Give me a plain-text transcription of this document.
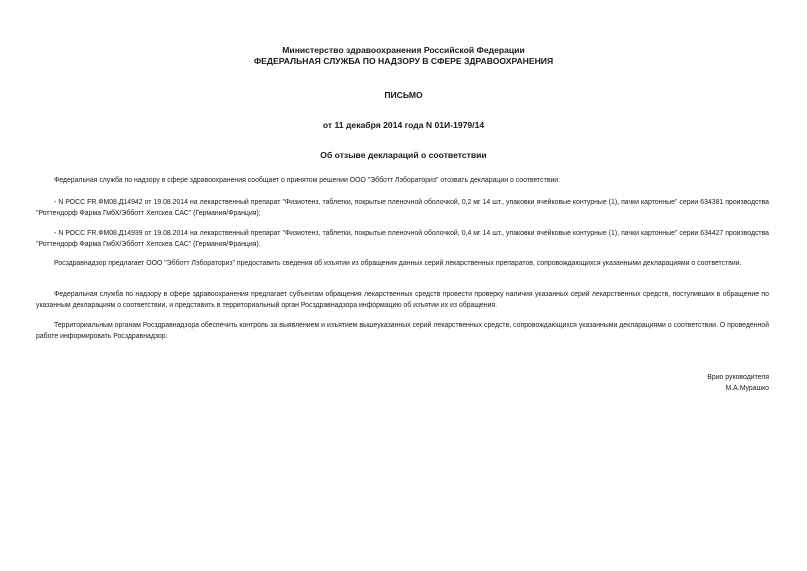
Министерство здравоохранения Российской Федерации
ФЕДЕРАЛЬНАЯ СЛУЖБА ПО НАДЗОРУ В СФЕРЕ ЗДРАВООХРАНЕНИЯ
ПИСЬМО
от 11 декабря 2014 года N 01И-1979/14
Об отзыве деклараций о соответствии
Федеральная служба по надзору в сфере здравоохранения сообщает о принятом решении ООО "Эбботт Лэбораториз" отозвать декларации о соответствии:
- N РОСС FR.ФМ08.Д14942 от 19.08.2014 на лекарственный препарат "Физиотенз, таблетки, покрытые пленочной оболочкой, 0,2 мг 14 шт., упаковки ячейковые контурные (1), пачки картонные" серии 634381 производства "Роттендорф Фарма ГмбХ/Эбботт Хелскеа САС" (Германия/Франция);
- N РОСС FR.ФМ08.Д14939 от 19.08.2014 на лекарственный препарат "Физиотенз, таблетки, покрытые пленочной оболочкой, 0,4 мг 14 шт., упаковки ячейковые контурные (1), пачки картонные" серии 634427 производства "Роттендорф Фарма ГмбХ/Эбботт Хелскеа САС" (Германия/Франция).
Росздравнадзор предлагает ООО "Эбботт Лэбораториз" предоставить сведения об изъятии из обращения данных серий лекарственных препаратов, сопровождающихся указанными декларациями о соответствии.
Федеральная служба по надзору в сфере здравоохранения предлагает субъектам обращения лекарственных средств провести проверку наличия указанных серий лекарственных средств, поступивших в обращение по указанным декларациям о соответствии, и представить в территориальный орган Росздравнадзора информацию об изъятии их из обращения.
Территориальным органам Росздравнадзора обеспечить контроль за выявлением и изъятием вышеуказанных серий лекарственных средств, сопровождающихся указанными декларациями о соответствии. О проведенной работе информировать Росздравнадзор.
Врио руководителя
М.А.Мурашко
